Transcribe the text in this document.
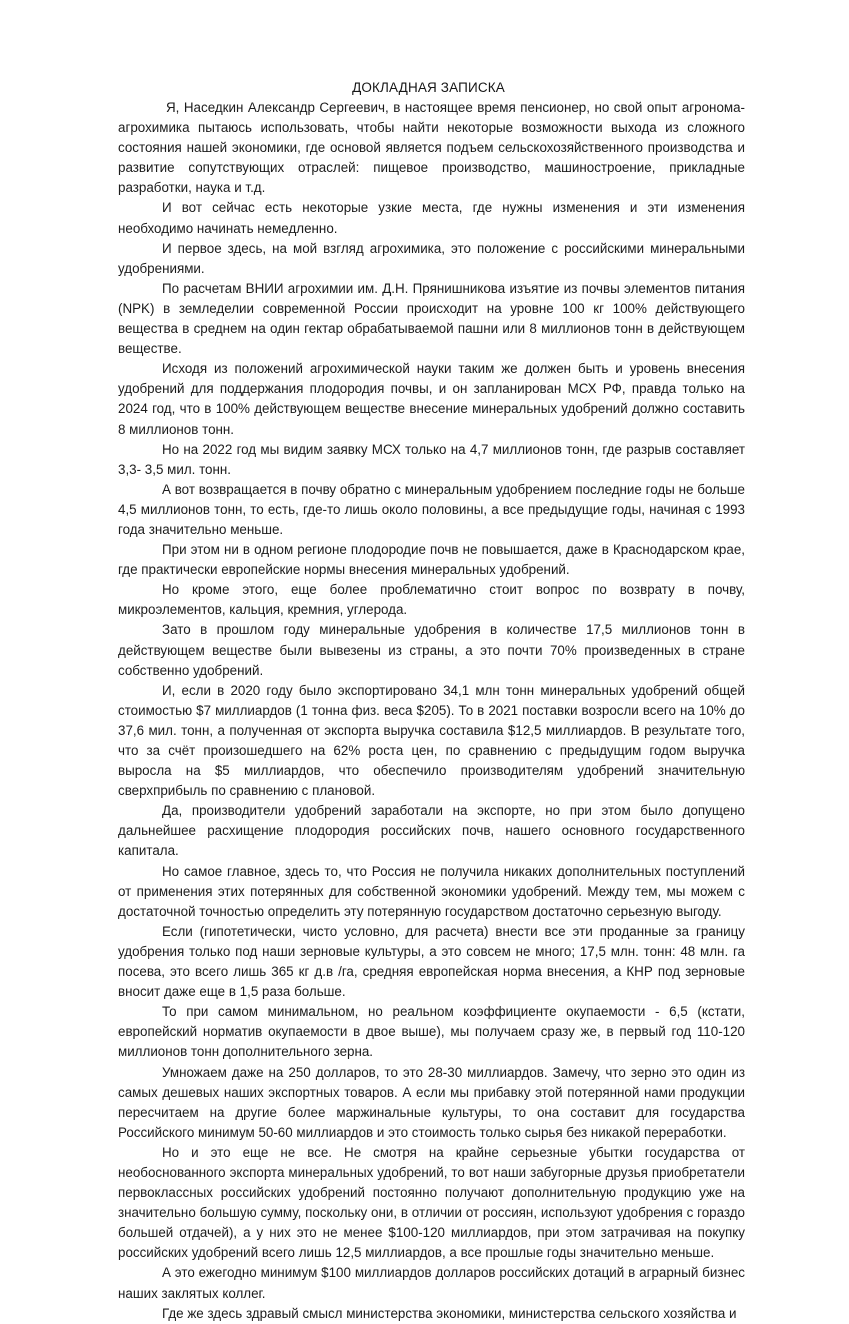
ДОКЛАДНАЯ ЗАПИСКА

Я, Наседкин Александр Сергеевич, в настоящее время пенсионер, но свой опыт агронома-агрохимика пытаюсь использовать, чтобы найти некоторые возможности выхода из сложного состояния нашей экономики, где основой является подъем сельскохозяйственного производства и развитие сопутствующих отраслей: пищевое производство, машиностроение, прикладные разработки, наука и т.д.

И вот сейчас есть некоторые узкие места, где нужны изменения и эти изменения необходимо начинать немедленно.

И первое здесь, на мой взгляд агрохимика, это положение с российскими минеральными удобрениями.

По расчетам ВНИИ агрохимии им. Д.Н. Прянишникова изъятие из почвы элементов питания (NPK) в земледелии современной России происходит на уровне 100 кг 100% действующего вещества в среднем на один гектар обрабатываемой пашни или 8 миллионов тонн в действующем веществе.

Исходя из положений агрохимической науки таким же должен быть и уровень внесения удобрений для поддержания плодородия почвы, и он запланирован МСХ РФ, правда только на 2024 год, что в 100% действующем веществе внесение минеральных удобрений должно составить 8 миллионов тонн.

Но на 2022 год мы видим заявку МСХ только на 4,7 миллионов тонн, где разрыв составляет 3,3- 3,5 мил. тонн.

А вот возвращается в почву обратно с минеральным удобрением последние годы не больше 4,5 миллионов тонн, то есть, где-то лишь около половины, а все предыдущие годы, начиная с 1993 года значительно меньше.

При этом ни в одном регионе плодородие почв не повышается, даже в Краснодарском крае, где практически европейские нормы внесения минеральных удобрений.

Но кроме этого, еще более проблематично стоит вопрос по возврату в почву, микроэлементов, кальция, кремния, углерода.

Зато в прошлом году минеральные удобрения в количестве 17,5 миллионов тонн в действующем веществе были вывезены из страны, а это почти 70% произведенных в стране собственно удобрений.

И, если в 2020 году было экспортировано 34,1 млн тонн минеральных удобрений общей стоимостью $7 миллиардов (1 тонна физ. веса $205). То в 2021 поставки возросли всего на 10% до 37,6 мил. тонн, а полученная от экспорта выручка составила $12,5 миллиардов. В результате того, что за счёт произошедшего на 62% роста цен, по сравнению с предыдущим годом выручка выросла на $5 миллиардов, что обеспечило производителям удобрений значительную сверхприбыль по сравнению с плановой.

Да, производители удобрений заработали на экспорте, но при этом было допущено дальнейшее расхищение плодородия российских почв, нашего основного государственного капитала.

Но самое главное, здесь то, что Россия не получила никаких дополнительных поступлений от применения этих потерянных для собственной экономики удобрений. Между тем, мы можем с достаточной точностью определить эту потерянную государством достаточно серьезную выгоду.

Если (гипотетически, чисто условно, для расчета) внести все эти проданные за границу удобрения только под наши зерновые культуры, а это совсем не много; 17,5 млн. тонн: 48 млн. га посева, это всего лишь 365 кг д.в /га, средняя европейская норма внесения, а КНР под зерновые вносит даже еще в 1,5 раза больше.

То при самом минимальном, но реальном коэффициенте окупаемости - 6,5 (кстати, европейский норматив окупаемости в двое выше), мы получаем сразу же, в первый год 110-120 миллионов тонн дополнительного зерна.

Умножаем даже на 250 долларов, то это 28-30 миллиардов. Замечу, что зерно это один из самых дешевых наших экспортных товаров. А если мы прибавку этой потерянной нами продукции пересчитаем на другие более маржинальные культуры, то она составит для государства Российского минимум 50-60 миллиардов и это стоимость только сырья без никакой переработки.

Но и это еще не все. Не смотря на крайне серьезные убытки государства от необоснованного экспорта минеральных удобрений, то вот наши забугорные друзья приобретатели первоклассных российских удобрений постоянно получают дополнительную продукцию уже на значительно большую сумму, поскольку они, в отличии от россиян, используют удобрения с гораздо большей отдачей), а у них это не менее $100-120 миллиардов, при этом затрачивая на покупку российских удобрений всего лишь 12,5 миллиардов, а все прошлые годы значительно меньше.

А это ежегодно минимум $100 миллиардов долларов российских дотаций в аграрный бизнес наших заклятых коллег.

Где же здесь здравый смысл министерства экономики, министерства сельского хозяйства и
